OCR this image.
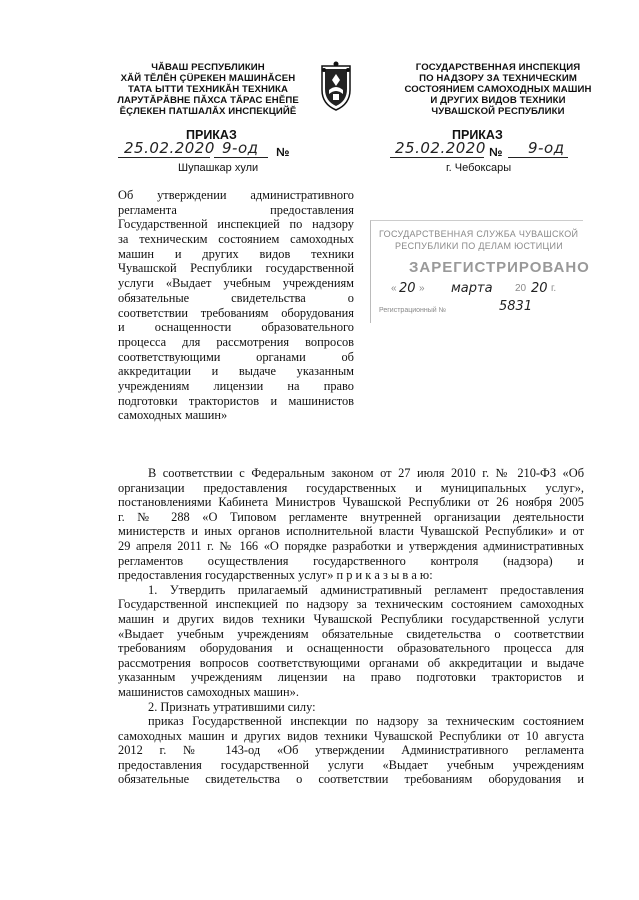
ЧĂВАШ РЕСПУБЛИКИН
ХĂЙ ТĔЛĔН ÇÜРЕКЕН МАШИНĂСЕН
ТАТА ЫТТИ ТЕХНИКĂН ТЕХНИКА
ЛАРУТĂРĂВНЕ ПĂХСА ТĂРАС ЕНĔПЕ
ĔÇЛЕКЕН ПАТШАЛĂХ ИНСПЕКЦИЙĔ
ГОСУДАРСТВЕННАЯ ИНСПЕКЦИЯ
ПО НАДЗОРУ ЗА ТЕХНИЧЕСКИМ
СОСТОЯНИЕМ САМОХОДНЫХ МАШИН
И ДРУГИХ ВИДОВ ТЕХНИКИ
ЧУВАШСКОЙ РЕСПУБЛИКИ
ПРИКАЗ	ПРИКАЗ
25.02.2020 9-од №	25.02.2020 № 9-од
Шупашкар хули	г. Чебоксары
Об утверждении административного
регламента предоставления
Государственной инспекцией по надзору
за техническим состоянием самоходных
машин и других видов техники
Чувашской Республики государственной
услуги «Выдает учебным учреждениям
обязательные свидетельства о
соответствии требованиям оборудования
и оснащенности образовательного
процесса для рассмотрения вопросов
соответствующими органами об
аккредитации и выдаче указанным
учреждениям лицензии на право
подготовки трактористов и машинистов
самоходных машин»
ГОСУДАРСТВЕННАЯ СЛУЖБА ЧУВАШСКОЙ
РЕСПУБЛИКИ ПО ДЕЛАМ ЮСТИЦИИ
ЗАРЕГИСТРИРОВАНО
« 20 » марта 20 20 г.
Регистрационный №	5831
В соответствии с Федеральным законом от 27 июля 2010 г. № 210-ФЗ «Об
организации предоставления государственных и муниципальных услуг»,
постановлениями Кабинета Министров Чувашской Республики от 26 ноября 2005
г. № 288 «О Типовом регламенте внутренней организации деятельности
министерств и иных органов исполнительной власти Чувашской Республики» и от
29 апреля 2011 г. № 166 «О порядке разработки и утверждения административных
регламентов осуществления государственного контроля (надзора) и
предоставления государственных услуг» п р и к а з ы в а ю:
1. Утвердить прилагаемый административный регламент предоставления
Государственной инспекцией по надзору за техническим состоянием самоходных
машин и других видов техники Чувашской Республики государственной услуги
«Выдает учебным учреждениям обязательные свидетельства о соответствии
требованиям оборудования и оснащенности образовательного процесса для
рассмотрения вопросов соответствующими органами об аккредитации и выдаче
указанным учреждениям лицензии на право подготовки трактористов и
машинистов самоходных машин».
2. Признать утратившими силу:
приказ Государственной инспекции по надзору за техническим состоянием
самоходных машин и других видов техники Чувашской Республики от 10 августа
2012 г. № 143-од «Об утверждении Административного регламента
предоставления государственной услуги «Выдает учебным учреждениям
обязательные свидетельства о соответствии требованиям оборудования и
